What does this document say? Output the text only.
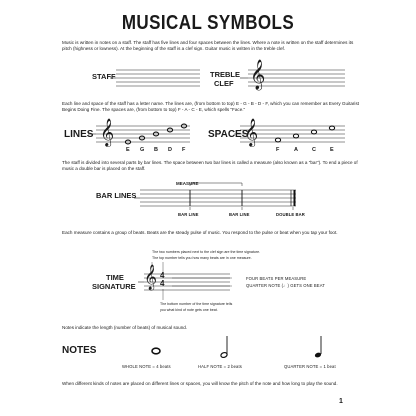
MUSICAL SYMBOLS
Music is written in notes on a staff. The staff has five lines and four spaces between the lines. Where a note is written on the staff determines its pitch (highness or lowness). At the beginning of the staff is a clef sign. Guitar music is written in the treble clef.
STAFF	TREBLE
CLEF 𝄞
Each line and space of the staff has a letter name. The lines are, (from bottom to top) E - G - B - D - F, which you can remember as Every Guitarist Begins Doing Fine. The spaces are, (from bottom to top) F - A - C - E, which spells "Face."
LINES	SPACES
𝄞	𝄞
E G B D F	F	A	C	E
The staff is divided into several parts by bar lines. The space between two bar lines is called a measure (also known as a "bar"). To end a piece of music a double bar is placed on the staff.
MEASURE
BAR LINES
BAR LINE	BAR LINE	DOUBLE BAR
Each measure contains a group of beats. Beats are the steady pulse of music. You respond to the pulse or beat when you tap your foot.
The two numbers placed next to the clef sign are the time signature.
The top number tells you how many beats are in one measure.
TIME
SIGNATURE 𝄞 4
4
FOUR BEATS PER MEASURE
QUARTER NOTE (♩) GETS ONE BEAT
The bottom number of the time signature tells
you what kind of note gets one beat.
Notes indicate the length (number of beats) of musical sound.
NOTES
WHOLE NOTE = 4 beats	HALF NOTE = 2 beats	QUARTER NOTE = 1 beat
When different kinds of notes are placed on different lines or spaces, you will know the pitch of the note and how long to play the sound.
1
